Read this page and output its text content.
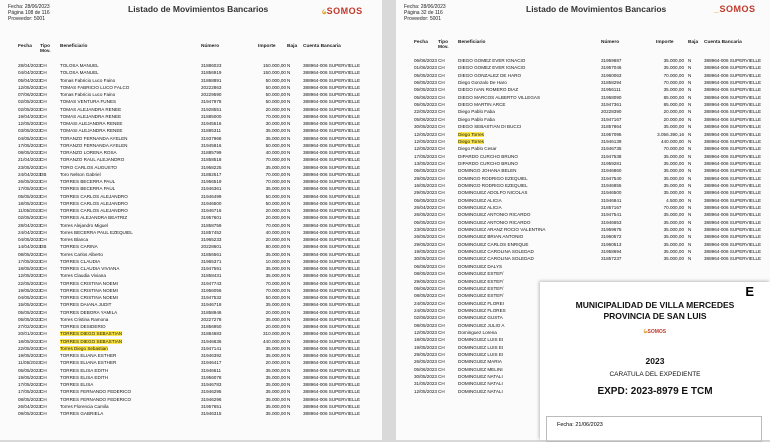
Fecha: 28/06/2023
Página 108 de 116
Proveedor: 5001
Listado de Movimientos Bancarios	᥀SOMOS
Fecha	Tipo Mov.
Beneficiario	Número	Importe	Baja	Cuenta Bancaria
28/04/2023 CH	TOLOSA MANUEL	31886023	150.000,00 N	388964-006 SUPERVIELLE
04/04/2023 CH	TOLOSA MANUEL	31856919	150.000,00 N	388964-006 SUPERVIELLE
05/04/2023 CH	Tomas Fabricio Luco Faino	31868891	50.000,00 N	388964-006 SUPERVIELLE
12/05/2023 CH	TOMAS FABRICIO LUCO FALCO	20222863	50.000,00 N	388964-006 SUPERVIELLE
07/06/2023 CH	Tomas Fabricio Luco Faino	20229590	50.000,00 N	388964-006 SUPERVIELLE
02/05/2023 CH	TOMAS VENTURA FUNES	31947978	50.000,00 N	388964-006 SUPERVIELLE
02/05/2023 CH	TOMAS ALEJANDRA RENEE	31928551	20.000,00 N	388964-006 SUPERVIELLE
19/04/2023 CH	TOMAS ALEJANDRA RENEE	31885000	70.000,00 N	388964-006 SUPERVIELLE
12/05/2023 CH	TOMASI ALEJANDRA RENEE	31945516	30.000,00 N	388964-006 SUPERVIELLE
03/05/2023 CH	TOMASI ALEJANDRA RENEE	31885311	35.000,00 N	388964-006 SUPERVIELLE
04/05/2023 CH	TORANZO FERNANDA AYELEN	31937968	35.000,00 N	388964-006 SUPERVIELLE
17/05/2023 CH	TORANZO FERNANDA AYELEN	31945816	50.000,00 N	388964-006 SUPERVIELLE
08/05/2023 CH	TORANZO LORENA ROSA	31885799	40.000,00 N	388964-006 SUPERVIELLE
21/04/2023 CH	TORANZO RAUL ALEJANDRO	31858518	70.000,00 N	388964-006 SUPERVIELLE
23/05/2023 CH	TORO CARLOS AUGUSTO	31958225	35.000,00 N	388964-006 SUPERVIELLE
24/04/2023 DB	Toro Nelson Gabriel	31882517	70.000,00 N	388964-006 SUPERVIELLE
26/05/2023 CH	TORRES BECERRA PAUL	31956519	70.000,00 N	388964-006 SUPERVIELLE
17/05/2023 CH	TORRES BECERRA PAUL	31946361	35.000,00 N	388964-006 SUPERVIELLE
05/05/2023 CH	TORRES CARLOS ALEJANDRO	31946499	50.000,00 N	388964-006 SUPERVIELLE
18/05/2023 CH	TORRES CARLOS ALEJANDRO	31946500	50.000,00 N	388964-006 SUPERVIELLE
11/05/2023 CH	TORRES CARLOS ALEJANDRO	31946716	20.000,00 N	388964-006 SUPERVIELLE
02/05/2023 CH	TORRES ALEJANDRA BEATRIZ	31957601	20.000,00 N	388964-006 SUPERVIELLE
28/04/2023 CH	Torres Alejandro Miguel	31858759	70.000,00 N	388964-006 SUPERVIELLE
24/04/2023 CH	Torres BECERRA PAUL EZEQUIEL	31857452	40.000,00 N	388964-006 SUPERVIELLE
04/05/2023 CH	Torres Blanca	31965233	20.000,00 N	388964-006 SUPERVIELLE
14/04/2023 DB	TORRES CARINA	20228601	80.000,00 N	388964-006 SUPERVIELLE
08/05/2023 CH	Torres Carlos Alberto	31856561	35.000,00 N	388964-006 SUPERVIELLE
17/05/2023 CH	TORRES CLAUDIA	31965371	10.000,00 N	388964-006 SUPERVIELLE
18/05/2023 CH	TORRES CLAUDIA VIVIANA	31947591	35.000,00 N	388964-006 SUPERVIELLE
12/05/2023 CH	Torres Claudia Viviana	31858431	35.000,00 N	388964-006 SUPERVIELLE
22/05/2023 CH	TORRES CRISTINA NOEMI	31947743	70.000,00 N	388964-006 SUPERVIELLE
19/05/2023 CH	TORRES CRISTINA NOEMI	31956056	70.000,00 N	388964-006 SUPERVIELLE
04/05/2023 CH	TORRES CRISTINA NOEMI	31947532	50.000,00 N	388964-006 SUPERVIELLE
15/05/2023 CH	TORRES DAIANA JUDIT	31946718	35.000,00 N	388964-006 SUPERVIELLE
05/05/2023 CH	TORRES DEBORA YAMILA	31858946	20.000,00 N	388964-006 SUPERVIELLE
05/05/2023 CH	Torres Cristina Ramona	20227278	35.000,00 N	388964-006 SUPERVIELLE
27/02/2023 CH	TORRES DESIDERIO	31856950	20.000,00 N	388964-006 SUPERVIELLE
20/01/2023 CH	TORRES DIEGO SEBASTIAN	31884683	310.000,00 N	388964-006 SUPERVIELLE
18/05/2023 CH	TORRES DIEGO SEBASTIAN	31946636	440.000,00 N	388964-006 SUPERVIELLE
22/05/2023 CH	Torres Diego Sebastian	31947141	35.000,00 N	388964-006 SUPERVIELLE
19/05/2023 CH	TORRES ELIANA ESTHER	31946392	35.000,00 N	388964-006 SUPERVIELLE
11/05/2023 CH	TORRES ELIANA ESTHER	31946417	20.000,00 N	388964-006 SUPERVIELLE
05/05/2023 CH	TORRES ELISA EDITH	31946611	35.000,00 N	388964-006 SUPERVIELLE
19/05/2023 CH	TORRES ELISA EDITH	31956078	35.000,00 N	388964-006 SUPERVIELLE
17/05/2023 CH	TORRES ELISA	31946783	35.000,00 N	388964-006 SUPERVIELLE
17/05/2023 CH	TORRES FERNANDO FEDERICO	31946295	35.000,00 N	388964-006 SUPERVIELLE
08/05/2023 CH	TORRES FERNANDO FEDERICO	31946296	35.000,00 N	388964-006 SUPERVIELLE
26/04/2023 CH	Torres Florencia Camila	31957651	35.000,00 N	388964-006 SUPERVIELLE
09/05/2023 CH	TORRES GABRIELA	31946315	35.000,00 N	388964-006 SUPERVIELLE
Fecha: 28/06/2023
Página 32 de 116
Proveedor: 5001
Listado de Movimientos Bancarios	_SOMOS
Fecha	Tipo Mov.
Beneficiario	Número	Importe	Baja	Cuenta Bancaria
06/06/2023 CH	DIEGO GOMEZ EVER IGNACIO	31959687	35.000,00 N	388964-006 SUPERVIELLE
01/06/2023 CH	DIEGO GOMEZ EVER IGNACIO	31957046	35.000,00 N	388964-006 SUPERVIELLE
05/05/2023 CH	DIEGO GONZALEZ DE HARO	31960063	70.000,00 N	388964-006 SUPERVIELLE
06/05/2023 CH	Diego Gonzalo De Haro	31858294	70.000,00 N	388964-006 SUPERVIELLE
05/05/2023 CH	DIEGO IVAN ROMERO DIAZ	31956111	35.000,00 N	388964-006 SUPERVIELLE
05/06/2023 CH	DIEGO MARCOS ALBERTO VILLEGAS	31958090	85.000,00 N	388964-006 SUPERVIELLE
05/05/2023 CH	DIEGO MARTIN ARCE	31947361	85.000,00 N	388964-006 SUPERVIELLE
22/05/2023 CH	Diego Pablo Faba	20228390	20.000,00 N	388964-006 SUPERVIELLE
05/06/2023 CH	Diego Pablo Faba	31947167	20.000,00 N	388964-006 SUPERVIELLE
30/05/2023 CH	DIEGO SEBASTIAN DI BUCCI	31857864	35.000,00 N	388964-006 SUPERVIELLE
12/05/2023 CH	Diego Torres	31957095	3.056.390,16 N	388964-006 SUPERVIELLE
12/05/2023 CH	Diego Torres	31946139	440.000,00 N	388964-006 SUPERVIELLE
12/05/2023 CH	Diego Pablo Cesar	31946735	70.000,00 N	388964-006 SUPERVIELLE
17/05/2023 CH	DIPARDO CURCHO BRUNO	31947538	35.000,00 N	388964-006 SUPERVIELLE
13/05/2023 CH	DIPARDO CURCHO BRUNO	31959281	35.000,00 N	388964-006 SUPERVIELLE
05/05/2023 CH	DOMINGO JOHANA BELEN	31946860	35.000,00 N	388964-006 SUPERVIELLE
29/05/2023 CH	DOMINGO RODRIGO EZEQUIEL	31947540	35.000,00 N	388964-006 SUPERVIELLE
16/05/2023 CH	DOMINGO RODRIGO EZEQUIEL	31946855	35.000,00 N	388964-006 SUPERVIELLE
29/05/2023 CH	DOMINGUEZ ADOLFO NICOLAS	31946500	35.000,00 N	388964-006 SUPERVIELLE
05/05/2023 CH	DOMINGUEZ ALICIA	31946841	4.500,00 N	388964-006 SUPERVIELLE
26/04/2023 CH	DOMINGUEZ ALICIA	31857167	70.000,00 N	388964-006 SUPERVIELLE
26/05/2023 CH	DOMINGUEZ ANTONIO RICARDO	31947541	35.000,00 N	388964-006 SUPERVIELLE
05/05/2023 CH	DOMINGUEZ ANTONIO RICARDO	31946653	35.000,00 N	388964-006 SUPERVIELLE
23/05/2023 CH	DOMINGUEZ ARANZ ROCIO VALENTINA	31959675	35.000,00 N	388964-006 SUPERVIELLE
26/05/2023 CH	DOMINGUEZ BRIAN ANTONIO	31960572	35.000,00 N	388964-006 SUPERVIELLE
29/05/2023 CH	DOMINGUEZ CARLOS ENRIQUE	31960513	35.000,00 N	388964-006 SUPERVIELLE
19/05/2023 CH	DOMINGUEZ CAROLINA SOLEDAD	31958694	35.000,00 N	388964-006 SUPERVIELLE
30/05/2023 CH	DOMINGUEZ CAROLINA SOLEDAD	31857237	35.000,00 N	388964-006 SUPERVIELLE
06/06/2023 CH	DOMINGUEZ DALYS
08/05/2023 CH	DOMINGUEZ ESTEF/
29/05/2023 CH	DOMINGUEZ ESTEF/
05/06/2023 CH	DOMINGUEZ ESTEF/
08/05/2023 CH	DOMINGUEZ ESTEF/
24/05/2023 CH	DOMINGUEZ FLOREI
24/05/2023 CH	DOMINGUEZ FLORES
02/06/2023 CH	DOMINGUEZ GUSTA
08/05/2023 CH	DOMINGUEZ JULIO A
12/05/2023 CH	Dominguez Lorena
18/05/2023 CH	DOMINGUEZ LUIS EI
19/05/2023 CH	DOMINGUEZ LUIS EI
29/05/2023 CH	DOMINGUEZ LUIS EI
26/05/2023 CH	DOMINGUEZ MARIA
05/06/2023 CH	DOMINGUEZ MELINI
30/05/2023 CH	DOMINGUEZ NATALI
31/05/2023 CH	DOMINGUEZ NATALI
12/05/2023 CH	DOMINGUEZ NATALI
E
MUNICIPALIDAD DE VILLA MERCEDES
PROVINCIA DE SAN LUIS
᥀SOMOS
2023
CARATULA DEL EXPEDIENTE
EXPD: 2023-8979 E TCM
Fecha: 21/06/2023
